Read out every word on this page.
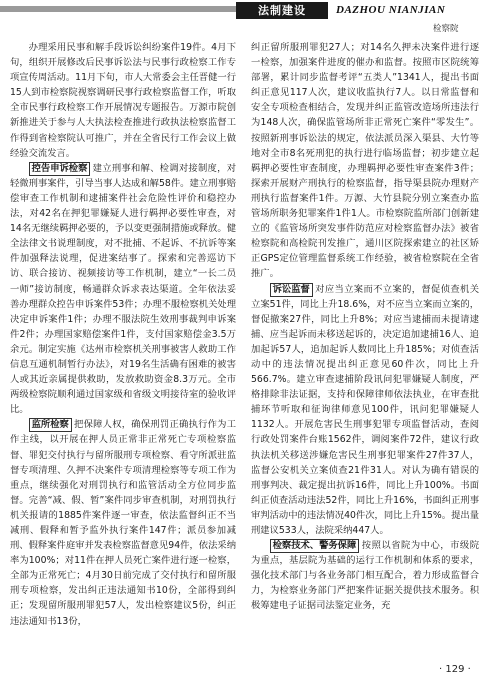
法制建设	DAZHOU NIANJIAN
检察院

办理采用民事和解手段诉讼纠纷案件19件。4月下旬，组织开展修改后民事诉讼法与民事行政检察工作专项宣传周活动。11月下旬，市人大常委会主任晋健一行15人到市检察院视察调研民事行政检察监督工作，听取全市民事行政检察工作开展情况专题报告。万源市院创新推进关于参与人大执法检查推进行政执法检察监督工作得到省检察院认可推广，并在全省民行工作会议上做经验交流发言。

控告申诉检察 建立刑事和解、检调对接制度，对轻微刑事案件，引导当事人达成和解58件。建立刑事赔偿审查工作机制和逮捕案件社会危险性评价和稳控办法，对42名在押犯罪嫌疑人进行羁押必要性审查，对14名无继续羁押必要的，予以变更强制措施或释放。健全法律文书说理制度，对不批捕、不起诉、不抗诉等案件加强释法说理，促进案结事了。探索和完善巡访下访、联合接访、视频接访等工作机制，建立“一长二员一师”接访制度，畅通群众诉求表达渠道。全年依法妥善办理群众控告申诉案件53件；办理不服检察机关处理决定申诉案件1件；办理不服法院生效刑事裁判申诉案件2件；办理国家赔偿案件1件，支付国家赔偿金3.5万余元。制定实施《达州市检察机关刑事被害人救助工作信息互通机制暂行办法》，对19名生活确有困难的被害人或其近亲属提供救助，发放救助资金8.3万元。全市两级检察院顺利通过国家级和省级文明接待室的验收评比。

监所检察 把保障人权，确保刑罚正确执行作为工作主线，以开展在押人员正常非正常死亡专项检察监督、罪犯交付执行与留所服刑专项检察、看守所派驻监督专项清理、久押不决案件专项清理检察等专项工作为重点，继续强化对刑罚执行和监管活动全方位同步监督。完善“减、假、暂”案件同步审查机制，对刑罚执行机关报请的1885件案件逐一审查，依法监督纠正不当减刑、假释和暂予监外执行案件147件；派员参加减刑、假释案件庭审并发表检察监督意见94件，依法采纳率为100%；对11件在押人员死亡案件进行逐一检察，全部为正常死亡；4月30日前完成了交付执行和留所服刑专项检察，发出纠正违法通知书10份，全部得到纠正；发现留所服刑罪犯57人，发出检察建议5份，纠正违法通知书13份，

纠正留所服刑罪犯27人；对14名久押未决案件进行逐一检察，加强案件进度的催办和监督。按照市区院统筹部署，累计同步监督考评“五类人”1341人，提出书面纠正意见117人次，建议收监执行7人。以日常监督和安全专项检查相结合，发现并纠正监管改造场所违法行为148人次，确保监管场所非正常死亡案件“零发生”。按照新刑事诉讼法的规定，依法派员深入渠县、大竹等地对全市8名死刑犯的执行进行临场监督；初步建立起羁押必要性审查制度，办理羁押必要性审查案件3件；探索开展财产刑执行的检察监督，指导渠县院办理财产刑执行监督案件1件。万源、大竹县院分别立案查办监管场所职务犯罪案件1件1人。市检察院监所部门创新建立的《监管场所突发事件防范应对检察监督办法》被省检察院和高检院刊发推广，通川区院探索建立的社区矫正GPS定位管理监督系统工作经验，被省检察院在全省推广。

诉讼监督 对应当立案而不立案的，督促侦查机关立案51件，同比上升18.6%，对不应当立案而立案的，督促撤案27件，同比上升8%；对应当逮捕而未提请逮捕、应当起诉而未移送起诉的，决定追加逮捕16人、追加起诉57人，追加起诉人数同比上升185%；对侦查活动中的违法情况提出纠正意见60件次，同比上升566.7%。建立审查逮捕阶段讯问犯罪嫌疑人制度，严格排除非法证据，支持和保障律师依法执业，在审查批捕环节听取和征询律师意见100件，讯问犯罪嫌疑人1132人。开展危害民生刑事犯罪专项监督活动，查阅行政处罚案件台账1562件，调阅案件72件，建议行政执法机关移送涉嫌危害民生刑事犯罪案件27件37人，监督公安机关立案侦查21件31人。对认为确有错误的刑事判决、裁定提出抗诉16件，同比上升100%。书面纠正侦查活动违法52件，同比上升16%，书面纠正刑事审判活动中的违法情况40件次，同比上升15%。提出量刑建议533人，法院采纳447人。

检察技术、警务保障 按照以省院为中心，市级院为重点，基层院为基础的运行工作机制和体系的要求，强化技术部门与各业务部门相互配合，着力形成监督合力，为检察业务部门严把案件证据关提供技术服务。积极筹建电子证据司法鉴定业务，充

· 129 ·
